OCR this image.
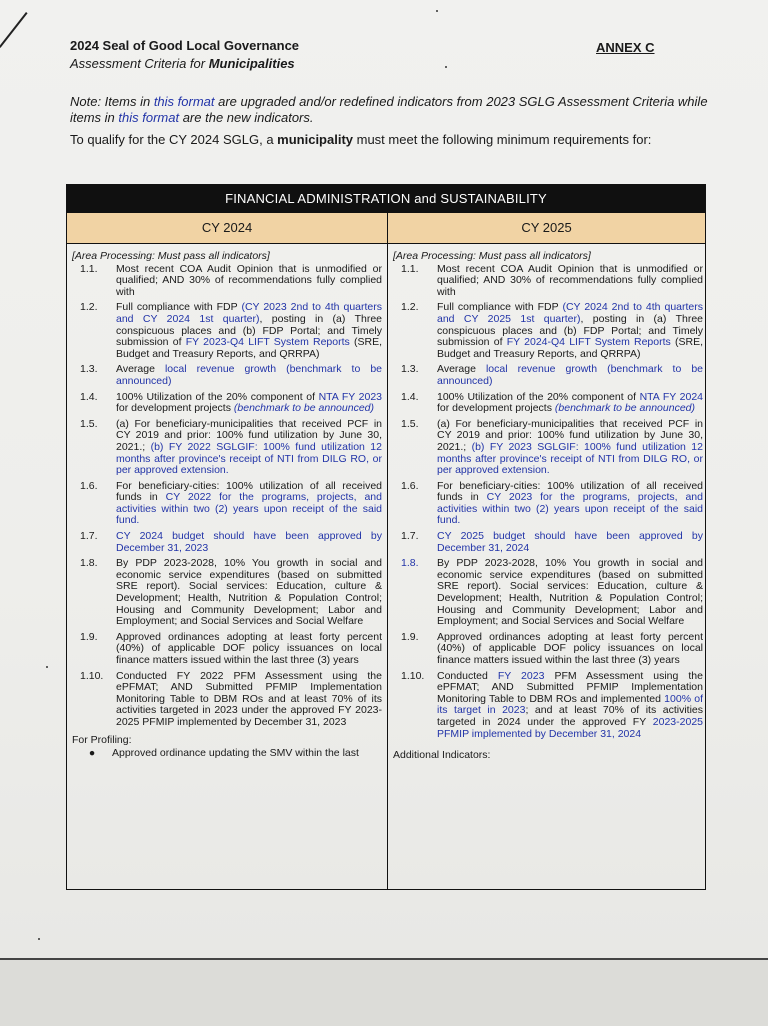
2024 Seal of Good Local Governance
Assessment Criteria for Municipalities
ANNEX C
Note: Items in this format are upgraded and/or redefined indicators from 2023 SGLG Assessment Criteria while items in this format are the new indicators.
To qualify for the CY 2024 SGLG, a municipality must meet the following minimum requirements for:
FINANCIAL ADMINISTRATION and SUSTAINABILITY
CY 2024	CY 2025
[Area Processing: Must pass all indicators]
1.1.	Most recent COA Audit Opinion that is unmodified or qualified; AND 30% of recommendations fully complied with
1.2.	Full compliance with FDP (CY 2023 2nd to 4th quarters and CY 2024 1st quarter), posting in (a) Three conspicuous places and (b) FDP Portal; and Timely submission of FY 2023-Q4 LIFT System Reports (SRE, Budget and Treasury Reports, and QRRPA)
1.3.	Average local revenue growth (benchmark to be announced)
1.4.	100% Utilization of the 20% component of NTA FY 2023 for development projects (benchmark to be announced)
1.5.	(a) For beneficiary-municipalities that received PCF in CY 2019 and prior: 100% fund utilization by June 30, 2021.; (b) FY 2022 SGLGIF: 100% fund utilization 12 months after province's receipt of NTI from DILG RO, or per approved extension.
1.6.	For beneficiary-cities: 100% utilization of all received funds in CY 2022 for the programs, projects, and activities within two (2) years upon receipt of the said fund.
1.7.	CY 2024 budget should have been approved by December 31, 2023
1.8.	By PDP 2023-2028, 10% You growth in social and economic service expenditures (based on submitted SRE report). Social services: Education, culture & Development; Health, Nutrition & Population Control; Housing and Community Development; Labor and Employment; and Social Services and Social Welfare
1.9.	Approved ordinances adopting at least forty percent (40%) of applicable DOF policy issuances on local finance matters issued within the last three (3) years
1.10.	Conducted FY 2022 PFM Assessment using the ePFMAT; AND Submitted PFMIP Implementation Monitoring Table to DBM ROs and at least 70% of its activities targeted in 2023 under the approved FY 2023-2025 PFMIP implemented by December 31, 2023
For Profiling:
●	Approved ordinance updating the SMV within the last
[Area Processing: Must pass all indicators]
1.1.	Most recent COA Audit Opinion that is unmodified or qualified; AND 30% of recommendations fully complied with
1.2.	Full compliance with FDP (CY 2024 2nd to 4th quarters and CY 2025 1st quarter), posting in (a) Three conspicuous places and (b) FDP Portal; and Timely submission of FY 2024-Q4 LIFT System Reports (SRE, Budget and Treasury Reports, and QRRPA)
1.3.	Average local revenue growth (benchmark to be announced)
1.4.	100% Utilization of the 20% component of NTA FY 2024 for development projects (benchmark to be announced)
1.5.	(a) For beneficiary-municipalities that received PCF in CY 2019 and prior: 100% fund utilization by June 30, 2021.; (b) FY 2023 SGLGIF: 100% fund utilization 12 months after province's receipt of NTI from DILG RO, or per approved extension.
1.6.	For beneficiary-cities: 100% utilization of all received funds in CY 2023 for the programs, projects, and activities within two (2) years upon receipt of the said fund.
1.7.	CY 2025 budget should have been approved by December 31, 2024
1.8.	By PDP 2023-2028, 10% You growth in social and economic service expenditures (based on submitted SRE report). Social services: Education, culture & Development; Health, Nutrition & Population Control; Housing and Community Development; Labor and Employment; and Social Services and Social Welfare
1.9.	Approved ordinances adopting at least forty percent (40%) of applicable DOF policy issuances on local finance matters issued within the last three (3) years
1.10.	Conducted FY 2023 PFM Assessment using the ePFMAT; AND Submitted PFMIP Implementation Monitoring Table to DBM ROs and implemented 100% of its target in 2023; and at least 70% of its activities targeted in 2024 under the approved FY 2023-2025 PFMIP implemented by December 31, 2024
Additional Indicators:
